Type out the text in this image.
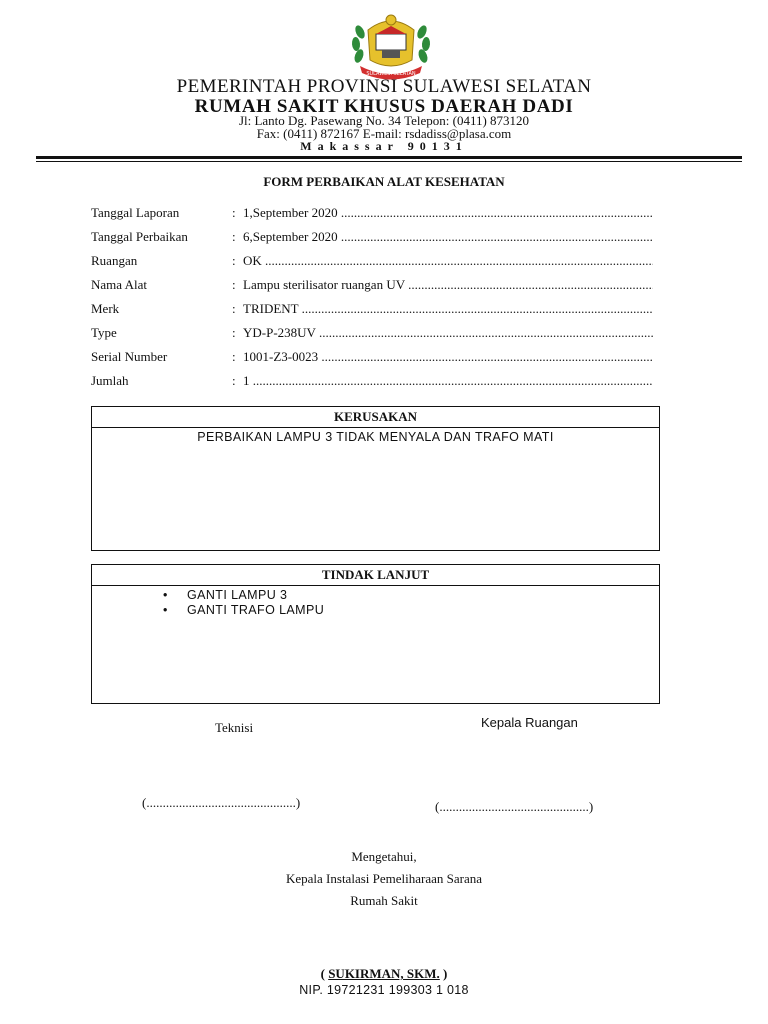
SULAWESI SELATAN
PEMERINTAH PROVINSI SULAWESI SELATAN
RUMAH SAKIT KHUSUS DAERAH DADI
Jl: Lanto Dg. Pasewang No. 34 Telepon: (0411) 873120
Fax: (0411) 872167 E-mail: rsdadiss@plasa.com
Makassar 90131
FORM PERBAIKAN ALAT KESEHATAN
Tanggal Laporan	: 1,September 2020 .....
Tanggal Perbaikan	: 6,September 2020 .....
Ruangan	: OK .....
Nama Alat	: Lampu sterilisator ruangan UV .....
Merk	: TRIDENT .....
Type	: YD-P-238UV .....
Serial Number	: 1001-Z3-0023 .....
Jumlah	: 1 .....
KERUSAKAN
PERBAIKAN LAMPU 3 TIDAK MENYALA DAN TRAFO MATI
TINDAK LANJUT
• GANTI LAMPU 3
• GANTI TRAFO LAMPU
Teknisi	Kepala Ruangan
(..............................................)	(..............................................)
Mengetahui,
Kepala Instalasi Pemeliharaan Sarana
Rumah Sakit
( SUKIRMAN, SKM. )
NIP. 19721231 199303 1 018
